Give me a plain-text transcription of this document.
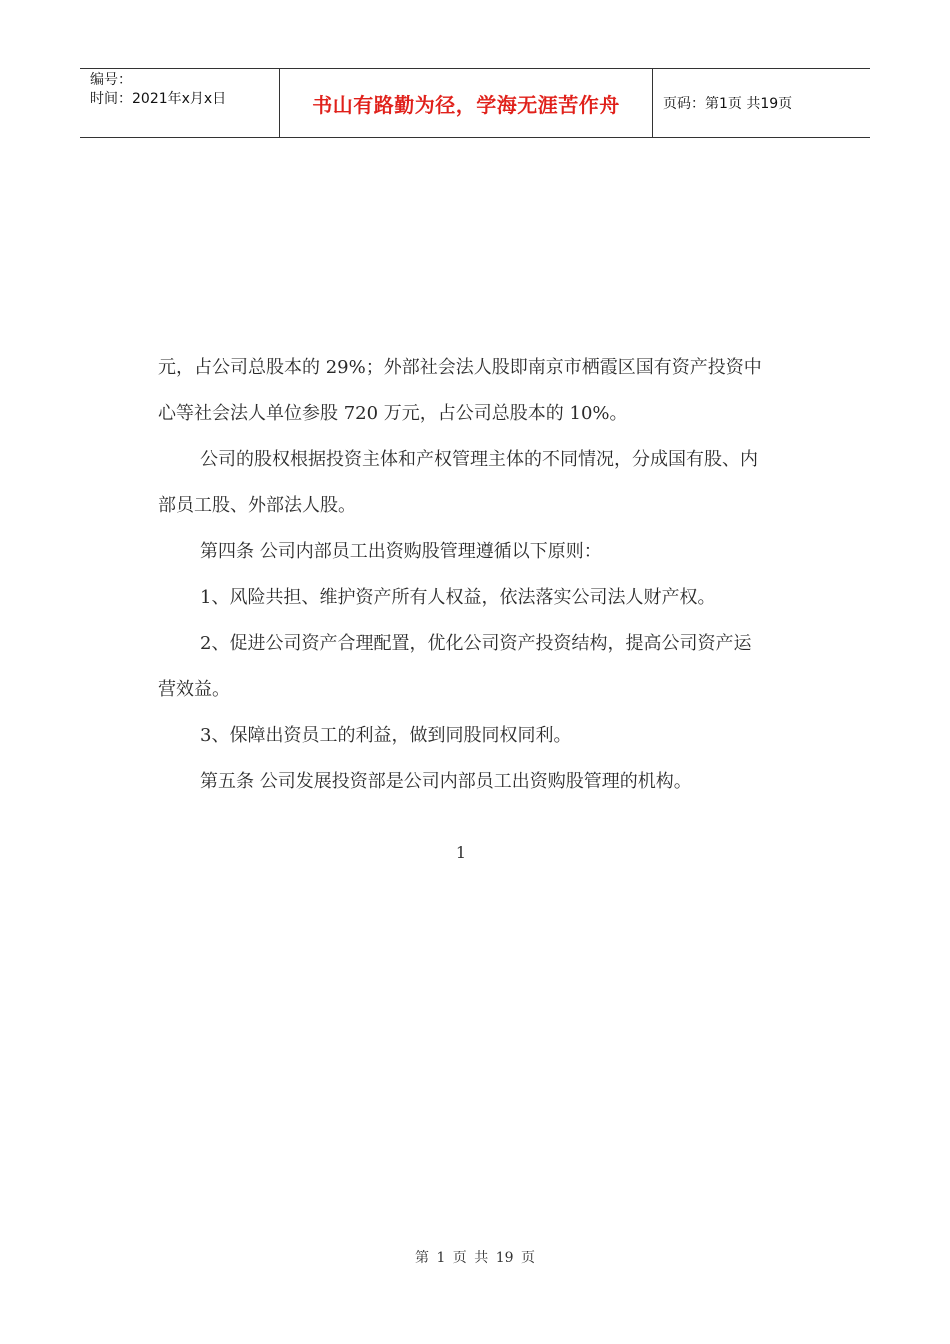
编号：
时间：2021年x月x日	书山有路勤为径，学海无涯苦作舟	页码：第1页 共19页

元，占公司总股本的 29%；外部社会法人股即南京市栖霞区国有资产投资中心等社会法人单位参股 720 万元，占公司总股本的 10%。

公司的股权根据投资主体和产权管理主体的不同情况，分成国有股、内部员工股、外部法人股。

第四条 公司内部员工出资购股管理遵循以下原则：

1、风险共担、维护资产所有人权益，依法落实公司法人财产权。

2、促进公司资产合理配置，优化公司资产投资结构，提高公司资产运营效益。

3、保障出资员工的利益，做到同股同权同利。

第五条 公司发展投资部是公司内部员工出资购股管理的机构。

1
第 1 页 共 19 页
